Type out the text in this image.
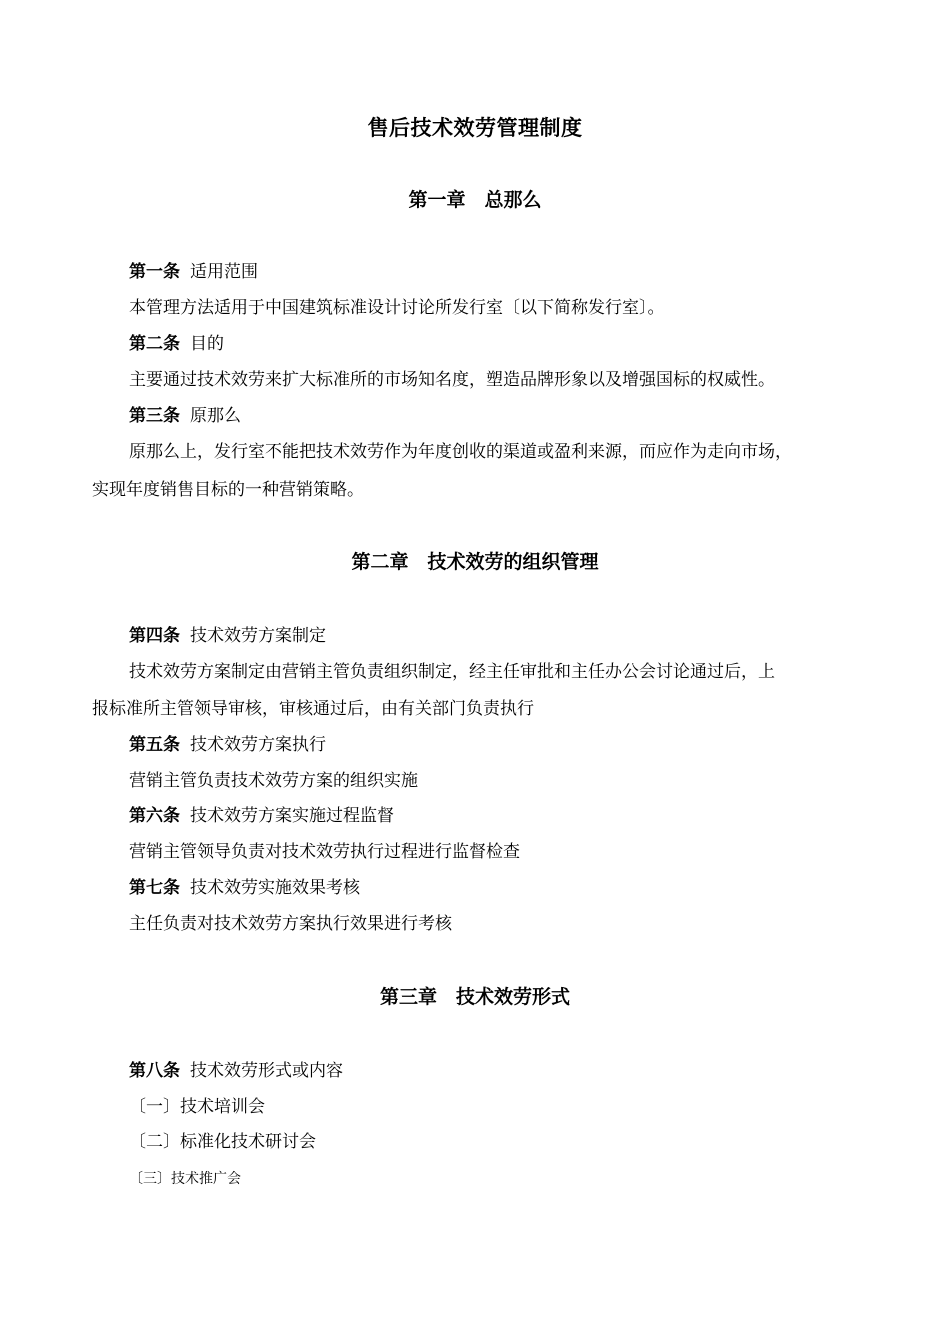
售后技术效劳管理制度
第一章　总那么
第一条 适用范围
本管理方法适用于中国建筑标准设计讨论所发行室〔以下简称发行室〕。
第二条 目的
主要通过技术效劳来扩大标准所的市场知名度，塑造品牌形象以及增强国标的权威性。
第三条 原那么
原那么上，发行室不能把技术效劳作为年度创收的渠道或盈利来源，而应作为走向市场，
实现年度销售目标的一种营销策略。
第二章　技术效劳的组织管理
第四条 技术效劳方案制定
技术效劳方案制定由营销主管负责组织制定，经主任审批和主任办公会讨论通过后，上
报标准所主管领导审核，审核通过后，由有关部门负责执行
第五条 技术效劳方案执行
营销主管负责技术效劳方案的组织实施
第六条 技术效劳方案实施过程监督
营销主管领导负责对技术效劳执行过程进行监督检查
第七条 技术效劳实施效果考核
主任负责对技术效劳方案执行效果进行考核
第三章　技术效劳形式
第八条 技术效劳形式或内容
〔一〕技术培训会
〔二〕标准化技术研讨会
〔三〕技术推广会
